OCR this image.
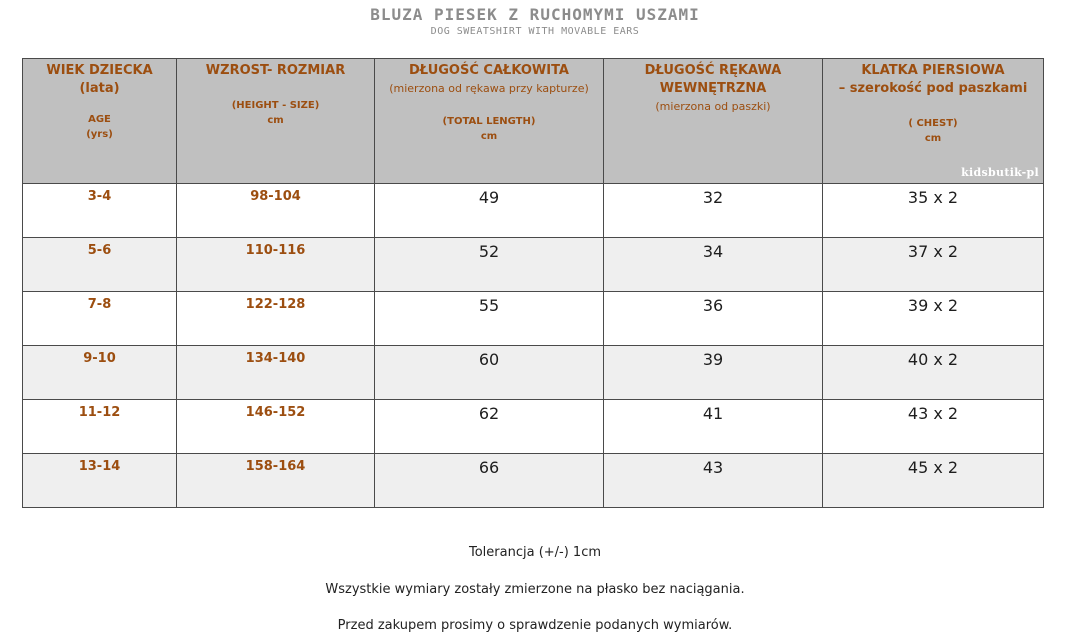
BLUZA PIESEK Z RUCHOMYMI USZAMI
DOG SWEATSHIRT WITH MOVABLE EARS
WIEK DZIECKA
(lata)
AGE
(yrs)	WZROST- ROZMIAR
(HEIGHT - SIZE)
cm	DŁUGOŚĆ CAŁKOWITA
(mierzona od rękawa przy kapturze)
(TOTAL LENGTH)
cm	DŁUGOŚĆ RĘKAWA
WEWNĘTRZNA
(mierzona od paszki)	KLATKA PIERSIOWA
– szerokość pod paszkami
( CHEST)
cm
kidsbutik-pl

3-4	98-104	49	32	35 x 2

5-6	110-116	52	34	37 x 2

7-8	122-128	55	36	39 x 2

9-10	134-140	60	39	40 x 2

11-12	146-152	62	41	43 x 2

13-14	158-164	66	43	45 x 2
Tolerancja (+/-) 1cm
Wszystkie wymiary zostały zmierzone na płasko bez naciągania.
Przed zakupem prosimy o sprawdzenie podanych wymiarów.
